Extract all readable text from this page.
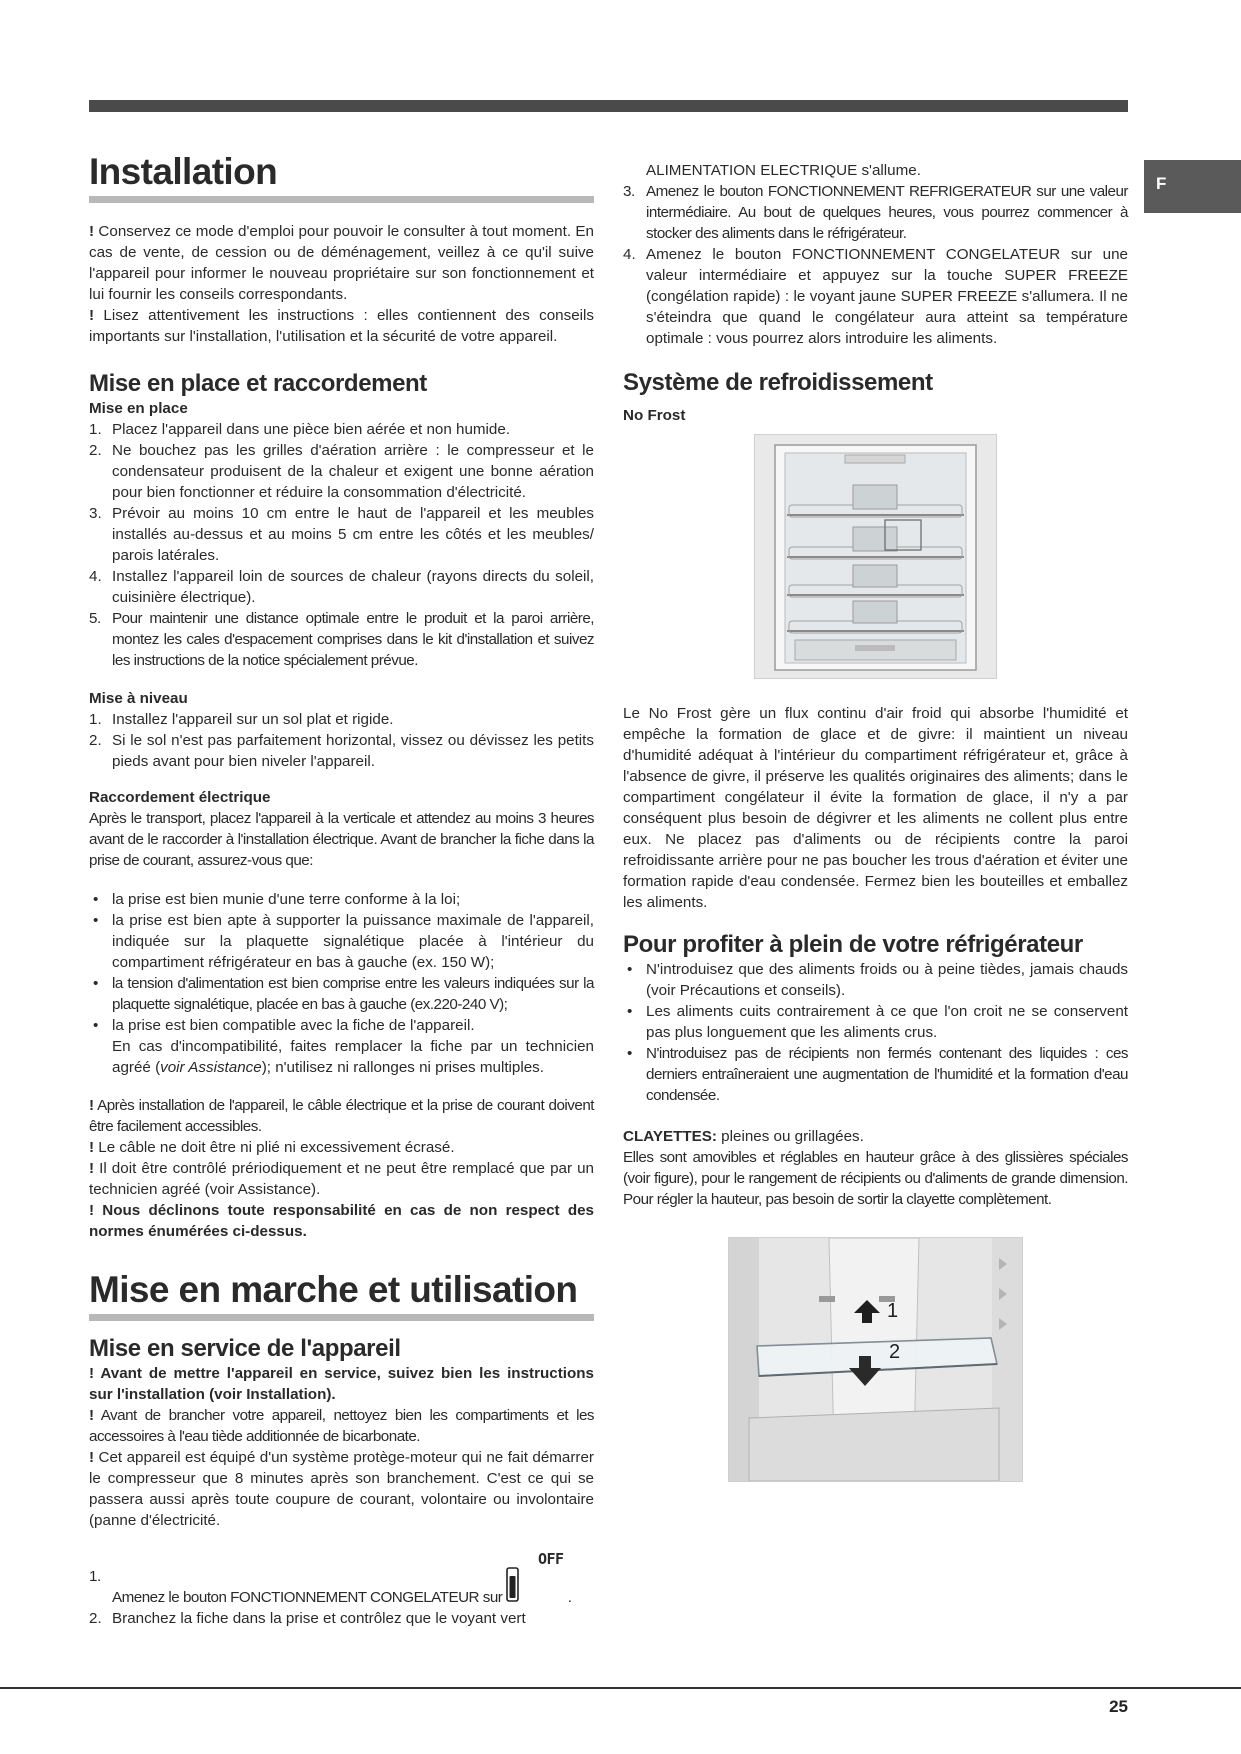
F
Installation

! Conservez ce mode d'emploi pour pouvoir le consulter à tout moment. En cas de vente, de cession ou de déménagement, veillez à ce qu'il suive l'appareil pour informer le nouveau propriétaire sur son fonctionnement et lui fournir les conseils correspondants.

! Lisez attentivement les instructions : elles contiennent des conseils importants sur l'installation, l'utilisation et la sécurité de votre appareil.

Mise en place et raccordement
Mise en place
1. Placez l'appareil dans une pièce bien aérée et non humide.
2. Ne bouchez pas les grilles d'aération arrière : le compresseur et le condensateur produisent de la chaleur et exigent une bonne aération pour bien fonctionner et réduire la consommation d'électricité.
3. Prévoir au moins 10 cm entre le haut de l'appareil et les meubles installés au-dessus et au moins 5 cm entre les côtés et les meubles/ parois latérales.
4. Installez l'appareil loin de sources de chaleur (rayons directs du soleil, cuisinière électrique).
5. Pour maintenir une distance optimale entre le produit et la paroi arrière, montez les cales d'espacement comprises dans le kit d'installation et suivez les instructions de la notice spécialement prévue.
Mise à niveau
1. Installez l'appareil sur un sol plat et rigide.
2. Si le sol n'est pas parfaitement horizontal, vissez ou dévissez les petits pieds avant pour bien niveler l'appareil.
Raccordement électrique

Après le transport, placez l'appareil à la verticale et attendez au moins 3 heures avant de le raccorder à l'installation électrique. Avant de brancher la fiche dans la prise de courant, assurez-vous que:

• la prise est bien munie d'une terre conforme à la loi;
• la prise est bien apte à supporter la puissance maximale de l'appareil, indiquée sur la plaquette signalétique placée à l'intérieur du compartiment réfrigérateur en bas à gauche (ex. 150 W);
• la tension d'alimentation est bien comprise entre les valeurs indiquées sur la plaquette signalétique, placée en bas à gauche (ex.220-240 V);
• la prise est bien compatible avec la fiche de l'appareil.
En cas d'incompatibilité, faites remplacer la fiche par un technicien agréé (voir Assistance); n'utilisez ni rallonges ni prises multiples.

! Après installation de l'appareil, le câble électrique et la prise de courant doivent être facilement accessibles.

! Le câble ne doit être ni plié ni excessivement écrasé.

! Il doit être contrôlé prériodiquement et ne peut être remplacé que par un technicien agréé (voir Assistance).

! Nous déclinons toute responsabilité en cas de non respect des normes énumérées ci-dessus.

Mise en marche et utilisation
Mise en service de l'appareil

! Avant de mettre l'appareil en service, suivez bien les instructions sur l'installation (voir Installation).

! Avant de brancher votre appareil, nettoyez bien les compartiments et les accessoires à l'eau tiède additionnée de bicarbonate.

! Cet appareil est équipé d'un système protège-moteur qui ne fait démarrer le compresseur que 8 minutes après son branchement. C'est ce qui se passera aussi après toute coupure de courant, volontaire ou involontaire (panne d'électricité.

1.
Amenez le bouton FONCTIONNEMENT CONGELATEUR sur
OFF
.
2. Branchez la fiche dans la prise et contrôlez que le voyant vert

ALIMENTATION ELECTRIQUE s'allume.

3. Amenez le bouton FONCTIONNEMENT REFRIGERATEUR sur une valeur intermédiaire. Au bout de quelques heures, vous pourrez commencer à stocker des aliments dans le réfrigérateur.
4. Amenez le bouton FONCTIONNEMENT CONGELATEUR sur une valeur intermédiaire et appuyez sur la touche SUPER FREEZE (congélation rapide) : le voyant jaune SUPER FREEZE s'allumera. Il ne s'éteindra que quand le congélateur aura atteint sa température optimale : vous pourrez alors introduire les aliments.
Système de refroidissement
No Frost

Le No Frost gère un flux continu d'air froid qui absorbe l'humidité et empêche la formation de glace et de givre: il maintient un niveau d'humidité adéquat à l'intérieur du compartiment réfrigérateur et, grâce à l'absence de givre, il préserve les qualités originaires des aliments; dans le compartiment congélateur il évite la formation de glace, il n'y a par conséquent plus besoin de dégivrer et les aliments ne collent plus entre eux. Ne placez pas d'aliments ou de récipients contre la paroi refroidissante arrière pour ne pas boucher les trous d'aération et éviter une formation rapide d'eau condensée. Fermez bien les bouteilles et emballez les aliments.

Pour profiter à plein de votre réfrigérateur
• N'introduisez que des aliments froids ou à peine tièdes, jamais chauds (voir Précautions et conseils).
• Les aliments cuits contrairement à ce que l'on croit ne se conservent pas plus longuement que les aliments crus.
• N'introduisez pas de récipients non fermés contenant des liquides : ces derniers entraîneraient une augmentation de l'humidité et la formation d'eau condensée.

CLAYETTES: pleines ou grillagées.

Elles sont amovibles et réglables en hauteur grâce à des glissières spéciales (voir figure), pour le rangement de récipients ou d'aliments de grande dimension. Pour régler la hauteur, pas besoin de sortir la clayette complètement.

1
2
25
